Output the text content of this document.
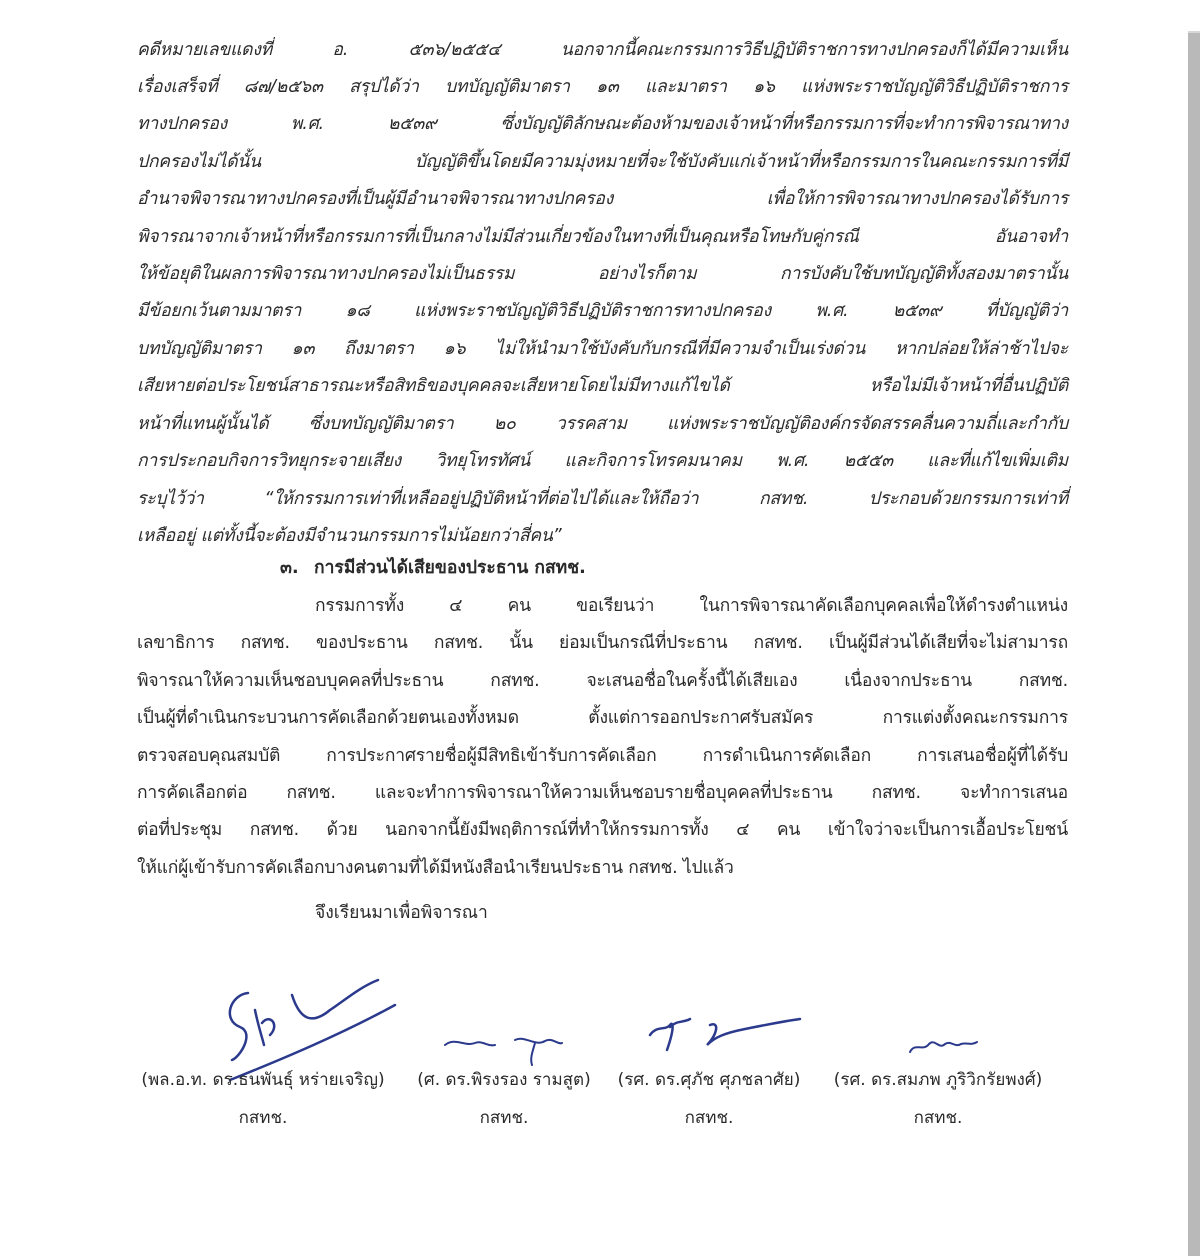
คดีหมายเลขแดงที่ อ. ๕๓๖/๒๕๕๔ นอกจากนี้คณะกรรมการวิธีปฏิบัติราชการทางปกครองก็ได้มีความเห็น
เรื่องเสร็จที่ ๘๗/๒๕๖๓ สรุปได้ว่า บทบัญญัติมาตรา ๑๓ และมาตรา ๑๖ แห่งพระราชบัญญัติวิธีปฏิบัติราชการ
ทางปกครอง พ.ศ. ๒๕๓๙ ซึ่งบัญญัติลักษณะต้องห้ามของเจ้าหน้าที่หรือกรรมการที่จะทำการพิจารณาทาง
ปกครองไม่ได้นั้น บัญญัติขึ้นโดยมีความมุ่งหมายที่จะใช้บังคับแก่เจ้าหน้าที่หรือกรรมการในคณะกรรมการที่มี
อำนาจพิจารณาทางปกครองที่เป็นผู้มีอำนาจพิจารณาทางปกครอง เพื่อให้การพิจารณาทางปกครองได้รับการ
พิจารณาจากเจ้าหน้าที่หรือกรรมการที่เป็นกลางไม่มีส่วนเกี่ยวข้องในทางที่เป็นคุณหรือโทษกับคู่กรณี อันอาจทำ
ให้ข้อยุติในผลการพิจารณาทางปกครองไม่เป็นธรรม อย่างไรก็ตาม การบังคับใช้บทบัญญัติทั้งสองมาตรานั้น
มีข้อยกเว้นตามมาตรา ๑๘ แห่งพระราชบัญญัติวิธีปฏิบัติราชการทางปกครอง พ.ศ. ๒๕๓๙ ที่บัญญัติว่า
บทบัญญัติมาตรา ๑๓ ถึงมาตรา ๑๖ ไม่ให้นำมาใช้บังคับกับกรณีที่มีความจำเป็นเร่งด่วน หากปล่อยให้ล่าช้าไปจะ
เสียหายต่อประโยชน์สาธารณะหรือสิทธิของบุคคลจะเสียหายโดยไม่มีทางแก้ไขได้ หรือไม่มีเจ้าหน้าที่อื่นปฏิบัติ
หน้าที่แทนผู้นั้นได้ ซึ่งบทบัญญัติมาตรา ๒๐ วรรคสาม แห่งพระราชบัญญัติองค์กรจัดสรรคลื่นความถี่และกำกับ
การประกอบกิจการวิทยุกระจายเสียง วิทยุโทรทัศน์ และกิจการโทรคมนาคม พ.ศ. ๒๕๕๓ และที่แก้ไขเพิ่มเติม
ระบุไว้ว่า “ให้กรรมการเท่าที่เหลืออยู่ปฏิบัติหน้าที่ต่อไปได้และให้ถือว่า กสทช. ประกอบด้วยกรรมการเท่าที่
เหลืออยู่ แต่ทั้งนี้จะต้องมีจำนวนกรรมการไม่น้อยกว่าสี่คน”
๓. การมีส่วนได้เสียของประธาน กสทช.
กรรมการทั้ง ๔ คน ขอเรียนว่า ในการพิจารณาคัดเลือกบุคคลเพื่อให้ดำรงตำแหน่ง
เลขาธิการ กสทช. ของประธาน กสทช. นั้น ย่อมเป็นกรณีที่ประธาน กสทช. เป็นผู้มีส่วนได้เสียที่จะไม่สามารถ
พิจารณาให้ความเห็นชอบบุคคลที่ประธาน กสทช. จะเสนอชื่อในครั้งนี้ได้เสียเอง เนื่องจากประธาน กสทช.
เป็นผู้ที่ดำเนินกระบวนการคัดเลือกด้วยตนเองทั้งหมด ตั้งแต่การออกประกาศรับสมัคร การแต่งตั้งคณะกรรมการ
ตรวจสอบคุณสมบัติ การประกาศรายชื่อผู้มีสิทธิเข้ารับการคัดเลือก การดำเนินการคัดเลือก การเสนอชื่อผู้ที่ได้รับ
การคัดเลือกต่อ กสทช. และจะทำการพิจารณาให้ความเห็นชอบรายชื่อบุคคลที่ประธาน กสทช. จะทำการเสนอ
ต่อที่ประชุม กสทช. ด้วย นอกจากนี้ยังมีพฤติการณ์ที่ทำให้กรรมการทั้ง ๔ คน เข้าใจว่าจะเป็นการเอื้อประโยชน์
ให้แก่ผู้เข้ารับการคัดเลือกบางคนตามที่ได้มีหนังสือนำเรียนประธาน กสทช. ไปแล้ว
จึงเรียนมาเพื่อพิจารณา
(พล.อ.ท. ดร.ธนพันธุ์ หร่ายเจริญ)
กสทช.
(ศ. ดร.พิรงรอง รามสูต)
กสทช.
(รศ. ดร.ศุภัช ศุภชลาศัย)
กสทช.
(รศ. ดร.สมภพ ภูริวิกรัยพงศ์)
กสทช.
